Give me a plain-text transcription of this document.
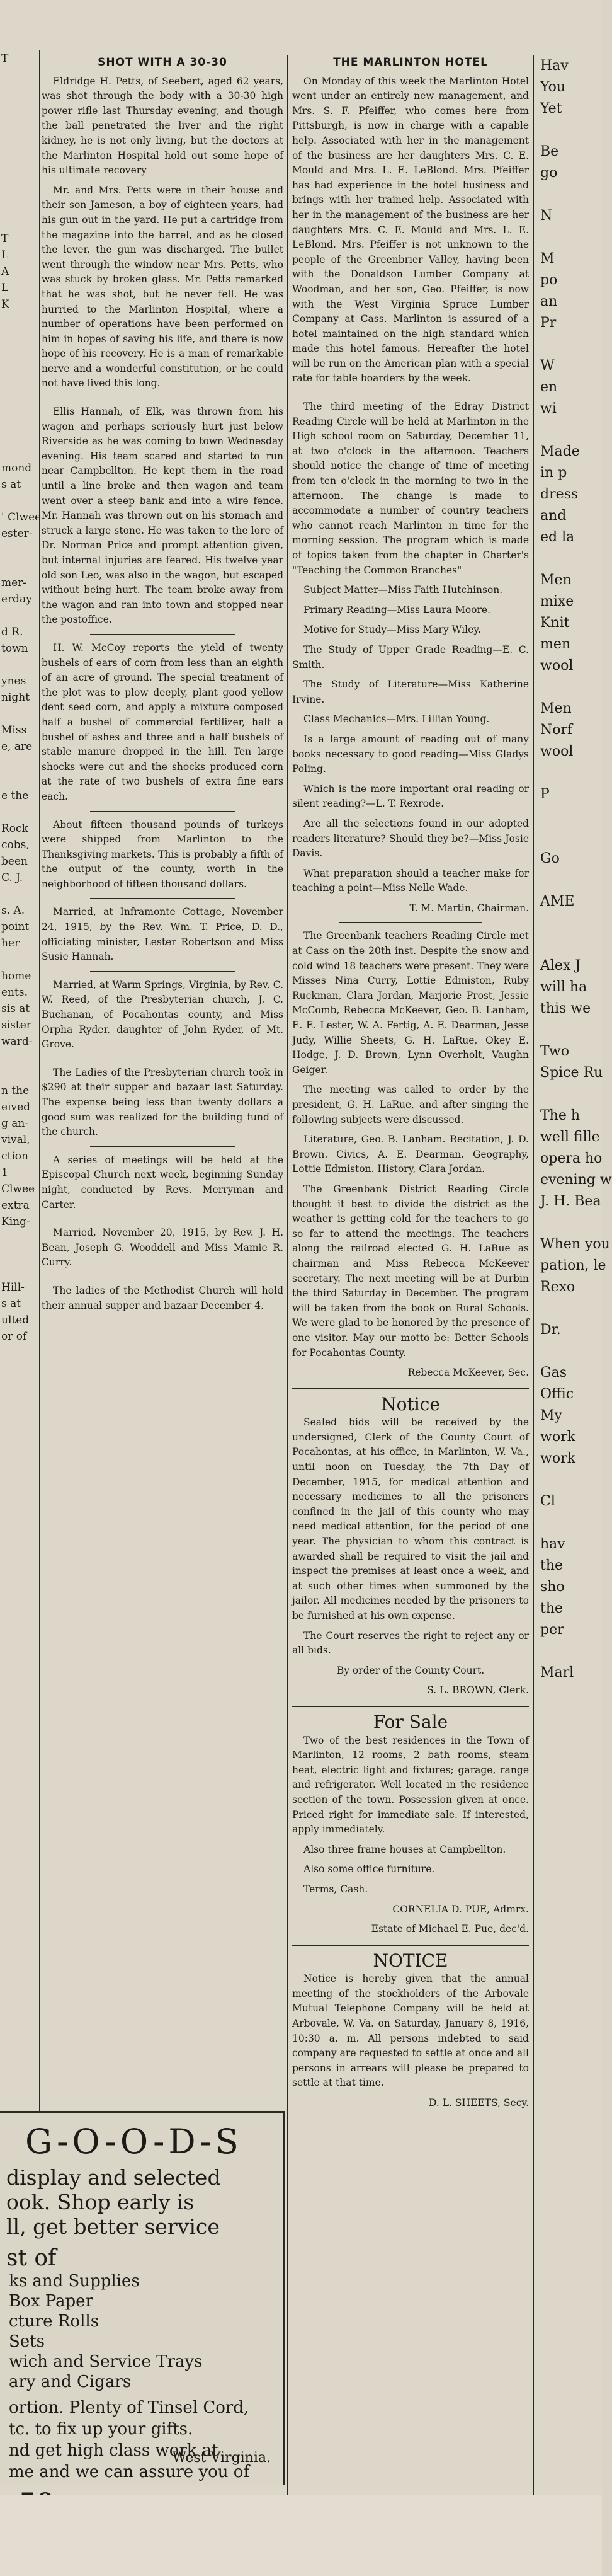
T

T

L

A

L

K

mond

s at

' Clwee

ester-

mer-

erday

d R.

town

ynes

night

Miss

e, are

e the

Rock

cobs,

been

C. J.

s. A.

point

her

home

ents.

sis at

sister

ward-

n the

eived

g an-

vival,

ction

1

Clwee

extra

King-

Hill-

s at

ulted

or of

SHOT WITH A 30-30

Eldridge H. Petts, of Seebert, aged 62 years, was shot through the body with a 30-30 high power rifle last Thursday evening, and though the ball penetrated the liver and the right kidney, he is not only living, but the doctors at the Marlinton Hospital hold out some hope of his ultimate recovery

Mr. and Mrs. Petts were in their house and their son Jameson, a boy of eighteen years, had his gun out in the yard. He put a cartridge from the magazine into the barrel, and as he closed the lever, the gun was discharged. The bullet went through the window near Mrs. Petts, who was stuck by broken glass. Mr. Petts remarked that he was shot, but he never fell. He was hurried to the Marlinton Hospital, where a number of operations have been performed on him in hopes of saving his life, and there is now hope of his recovery. He is a man of remarkable nerve and a wonderful constitution, or he could not have lived this long.

Ellis Hannah, of Elk, was thrown from his wagon and perhaps seriously hurt just below Riverside as he was coming to town Wednesday evening. His team scared and started to run near Campbellton. He kept them in the road until a line broke and then wagon and team went over a steep bank and into a wire fence. Mr. Hannah was thrown out on his stomach and struck a large stone. He was taken to the lore of Dr. Norman Price and prompt attention given, but internal injuries are feared. His twelve year old son Leo, was also in the wagon, but escaped without being hurt. The team broke away from the wagon and ran into town and stopped near the postoffice.

H. W. McCoy reports the yield of twenty bushels of ears of corn from less than an eighth of an acre of ground. The special treatment of the plot was to plow deeply, plant good yellow dent seed corn, and apply a mixture composed half a bushel of commercial fertilizer, half a bushel of ashes and three and a half bushels of stable manure dropped in the hill. Ten large shocks were cut and the shocks produced corn at the rate of two bushels of extra fine ears each.

About fifteen thousand pounds of turkeys were shipped from Marlinton to the Thanksgiving markets. This is probably a fifth of the output of the county, worth in the neighborhood of fifteen thousand dollars.

Married, at Inframonte Cottage, November 24, 1915, by the Rev. Wm. T. Price, D. D., officiating minister, Lester Robertson and Miss Susie Hannah.

Married, at Warm Springs, Virginia, by Rev. C. W. Reed, of the Presbyterian church, J. C. Buchanan, of Pocahontas county, and Miss Orpha Ryder, daughter of John Ryder, of Mt. Grove.

The Ladies of the Presbyterian church took in $290 at their supper and bazaar last Saturday. The expense being less than twenty dollars a good sum was realized for the building fund of the church.

A series of meetings will be held at the Episcopal Church next week, beginning Sunday night, conducted by Revs. Merryman and Carter.

Married, November 20, 1915, by Rev. J. H. Bean, Joseph G. Wooddell and Miss Mamie R. Curry.

The ladies of the Methodist Church will hold their annual supper and bazaar December 4.

THE MARLINTON HOTEL

On Monday of this week the Marlinton Hotel went under an entirely new management, and Mrs. S. F. Pfeiffer, who comes here from Pittsburgh, is now in charge with a capable help. Associated with her in the management of the business are her daughters Mrs. C. E. Mould and Mrs. L. E. LeBlond. Mrs. Pfeiffer has had experience in the hotel business and brings with her trained help. Associated with her in the management of the business are her daughters Mrs. C. E. Mould and Mrs. L. E. LeBlond. Mrs. Pfeiffer is not unknown to the people of the Greenbrier Valley, having been with the Donaldson Lumber Company at Woodman, and her son, Geo. Pfeiffer, is now with the West Virginia Spruce Lumber Company at Cass. Marlinton is assured of a hotel maintained on the high standard which made this hotel famous. Hereafter the hotel will be run on the American plan with a special rate for table boarders by the week.

The third meeting of the Edray District Reading Circle will be held at Marlinton in the High school room on Saturday, December 11, at two o'clock in the afternoon. Teachers should notice the change of time of meeting from ten o'clock in the morning to two in the afternoon. The change is made to accommodate a number of country teachers who cannot reach Marlinton in time for the morning session. The program which is made of topics taken from the chapter in Charter's "Teaching the Common Branches"

Subject Matter—Miss Faith Hutchinson.

Primary Reading—Miss Laura Moore.

Motive for Study—Miss Mary Wiley.

The Study of Upper Grade Reading—E. C. Smith.

The Study of Literature—Miss Katherine Irvine.

Class Mechanics—Mrs. Lillian Young.

Is a large amount of reading out of many books necessary to good reading—Miss Gladys Poling.

Which is the more important oral reading or silent reading?—L. T. Rexrode.

Are all the selections found in our adopted readers literature? Should they be?—Miss Josie Davis.

What preparation should a teacher make for teaching a point—Miss Nelle Wade.

T. M. Martin, Chairman.

The Greenbank teachers Reading Circle met at Cass on the 20th inst. Despite the snow and cold wind 18 teachers were present. They were Misses Nina Curry, Lottie Edmiston, Ruby Ruckman, Clara Jordan, Marjorie Prost, Jessie McComb, Rebecca McKeever, Geo. B. Lanham, E. E. Lester, W. A. Fertig, A. E. Dearman, Jesse Judy, Willie Sheets, G. H. LaRue, Okey E. Hodge, J. D. Brown, Lynn Overholt, Vaughn Geiger.

The meeting was called to order by the president, G. H. LaRue, and after singing the following subjects were discussed.

Literature, Geo. B. Lanham. Recitation, J. D. Brown. Civics, A. E. Dearman. Geography, Lottie Edmiston. History, Clara Jordan.

The Greenbank District Reading Circle thought it best to divide the district as the weather is getting cold for the teachers to go so far to attend the meetings. The teachers along the railroad elected G. H. LaRue as chairman and Miss Rebecca McKeever secretary. The next meeting will be at Durbin the third Saturday in December. The program will be taken from the book on Rural Schools. We were glad to be honored by the presence of one visitor. May our motto be: Better Schools for Pocahontas County.

Rebecca McKeever, Sec.

Notice

Sealed bids will be received by the undersigned, Clerk of the County Court of Pocahontas, at his office, in Marlinton, W. Va., until noon on Tuesday, the 7th Day of December, 1915, for medical attention and necessary medicines to all the prisoners confined in the jail of this county who may need medical attention, for the period of one year. The physician to whom this contract is awarded shall be required to visit the jail and inspect the premises at least once a week, and at such other times when summoned by the jailor. All medicines needed by the prisoners to be furnished at his own expense.

The Court reserves the right to reject any or all bids.

By order of the County Court.

S. L. BROWN, Clerk.

For Sale

Two of the best residences in the Town of Marlinton, 12 rooms, 2 bath rooms, steam heat, electric light and fixtures; garage, range and refrigerator. Well located in the residence section of the town. Possession given at once. Priced right for immediate sale. If interested, apply immediately.

Also three frame houses at Campbellton.

Also some office furniture.

Terms, Cash.

CORNELIA D. PUE, Admrx.

Estate of Michael E. Pue, dec'd.

NOTICE

Notice is hereby given that the annual meeting of the stockholders of the Arbovale Mutual Telephone Company will be held at Arbovale, W. Va. on Saturday, January 8, 1916, 10:30 a. m. All persons indebted to said company are requested to settle at once and all persons in arrears will please be prepared to settle at that time.

D. L. SHEETS, Secy.

Hav

You

Yet

Be

go

N

M

po

an

Pr

W

en

wi

Made

in p

dress

and

ed la

Men

mixe

Knit

men

wool

Men

Norf

wool

P

Go

AME

Alex J

will ha

this we

Two

Spice Ru

The h

well fille

opera ho

evening w

J. H. Bea

When you

pation, le

Rexo

Dr.

Gas

Offic

My

work

work

Cl

hav

the

sho

the

per

Marl

G-O-O-D-S
display and selected
ook. Shop early is
ll, get better service
st of
ks and Supplies
Box Paper
cture Rolls
Sets
wich and Service Trays
ary and Cigars
ortion. Plenty of Tinsel Cord,
tc. to fix up your gifts.
nd get high class work at
me and we can assure you of
West Virginia.
